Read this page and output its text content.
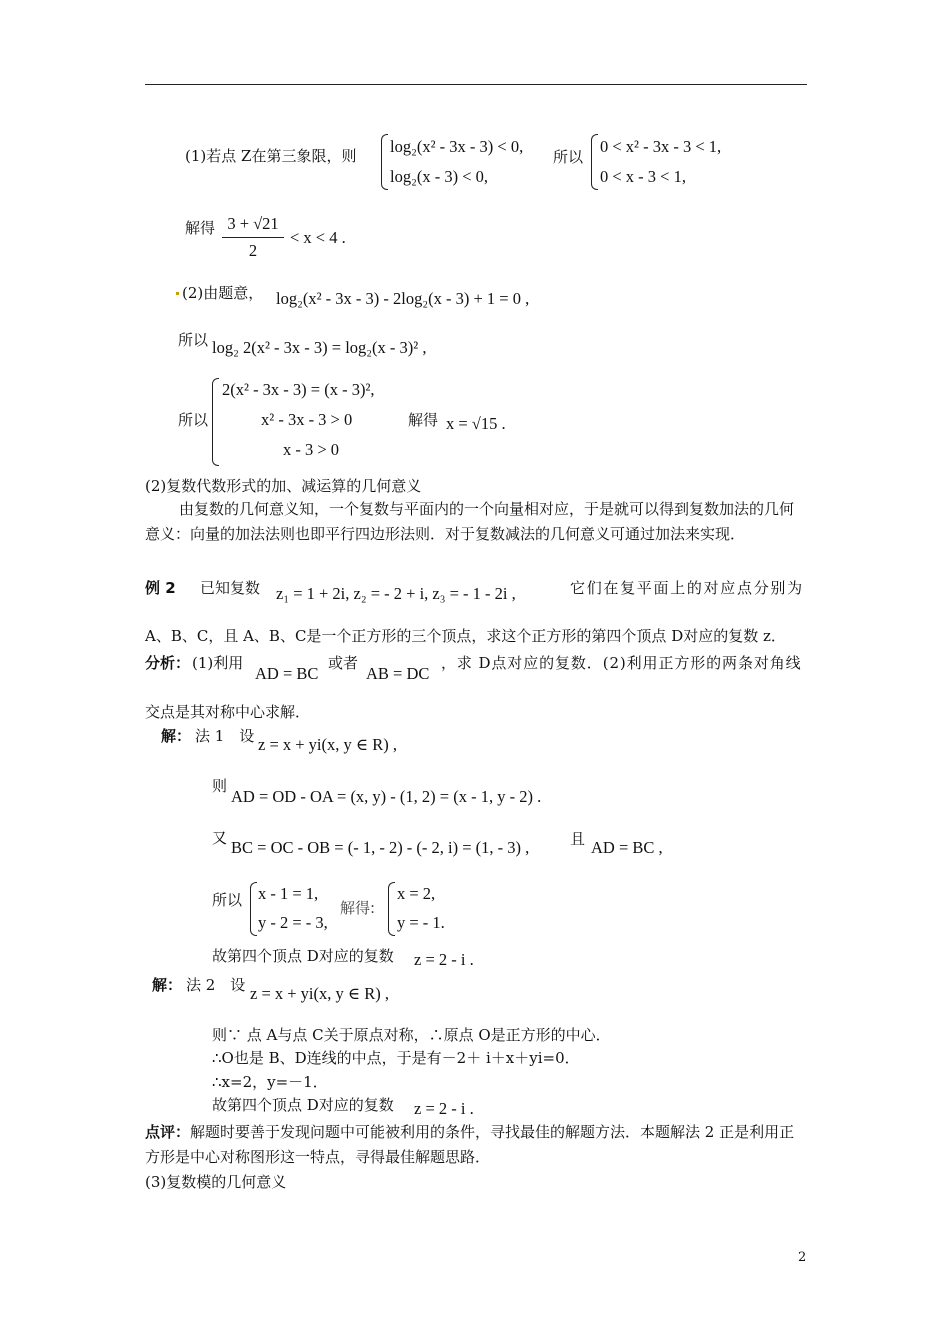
(1)若点 Z在第三象限，则 log₂(x² - 3x - 3) < 0,
log₂(x - 3) < 0,
所以
0 < x² - 3x - 3 < 1,
0 < x - 3 < 1,
解得 3 + √21
2
< x < 4 .
(2)由题意， log₂(x² - 3x - 3) - 2log₂(x - 3) + 1 = 0 ,
所以 log₂ 2(x² - 3x - 3) = log₂(x - 3)² ,
所以
2(x² - 3x - 3) = (x - 3)²,
x² - 3x - 3 > 0
x - 3 > 0
解得 x = √15 .
(2)复数代数形式的加、减运算的几何意义
由复数的几何意义知，一个复数与平面内的一个向量相对应，于是就可以得到复数加法的几何意义：向量的加法法则也即平行四边形法则．对于复数减法的几何意义可通过加法来实现．
例 2 已知复数 z₁ = 1 + 2i, z₂ = - 2 + i, z₃ = - 1 - 2i ,	它们在复平面上的对应点分别为
A、B、C，且 A、B、C是一个正方形的三个顶点，求这个正方形的第四个顶点 D对应的复数 z．
分析： (1)利用
AD = BC
或者
AB = DC
，求 D点对应的复数．(2)利用正方形的两条对角线
交点是其对称中心求解．
解： 法 1　设 z = x + yi(x, y ∈ R) ,
则
AD = OD - OA = (x, y) - (1, 2) = (x - 1, y - 2) .
又 BC = OC - OB = (- 1, - 2) - (- 2, i) = (1, - 3) ,	且 AD = BC ,
所以 x - 1 = 1,
y - 2 = - 3,
解得:
x = 2,
y = - 1.
故第四个顶点 D对应的复数 z = 2 - i .
解： 法 2　设 z = x + yi(x, y ∈ R) ,
则∵ 点 A与点 C关于原点对称，∴原点 O是正方形的中心．
∴O也是 B、D连线的中点，于是有－2＋ i＋x＋yi=0．
∴x=2，y=－1．
故第四个顶点 D对应的复数 z = 2 - i .
点评：解题时要善于发现问题中可能被利用的条件，寻找最佳的解题方法．本题解法 2 正是利用正方形是中心对称图形这一特点，寻得最佳解题思路．
(3)复数模的几何意义
2
